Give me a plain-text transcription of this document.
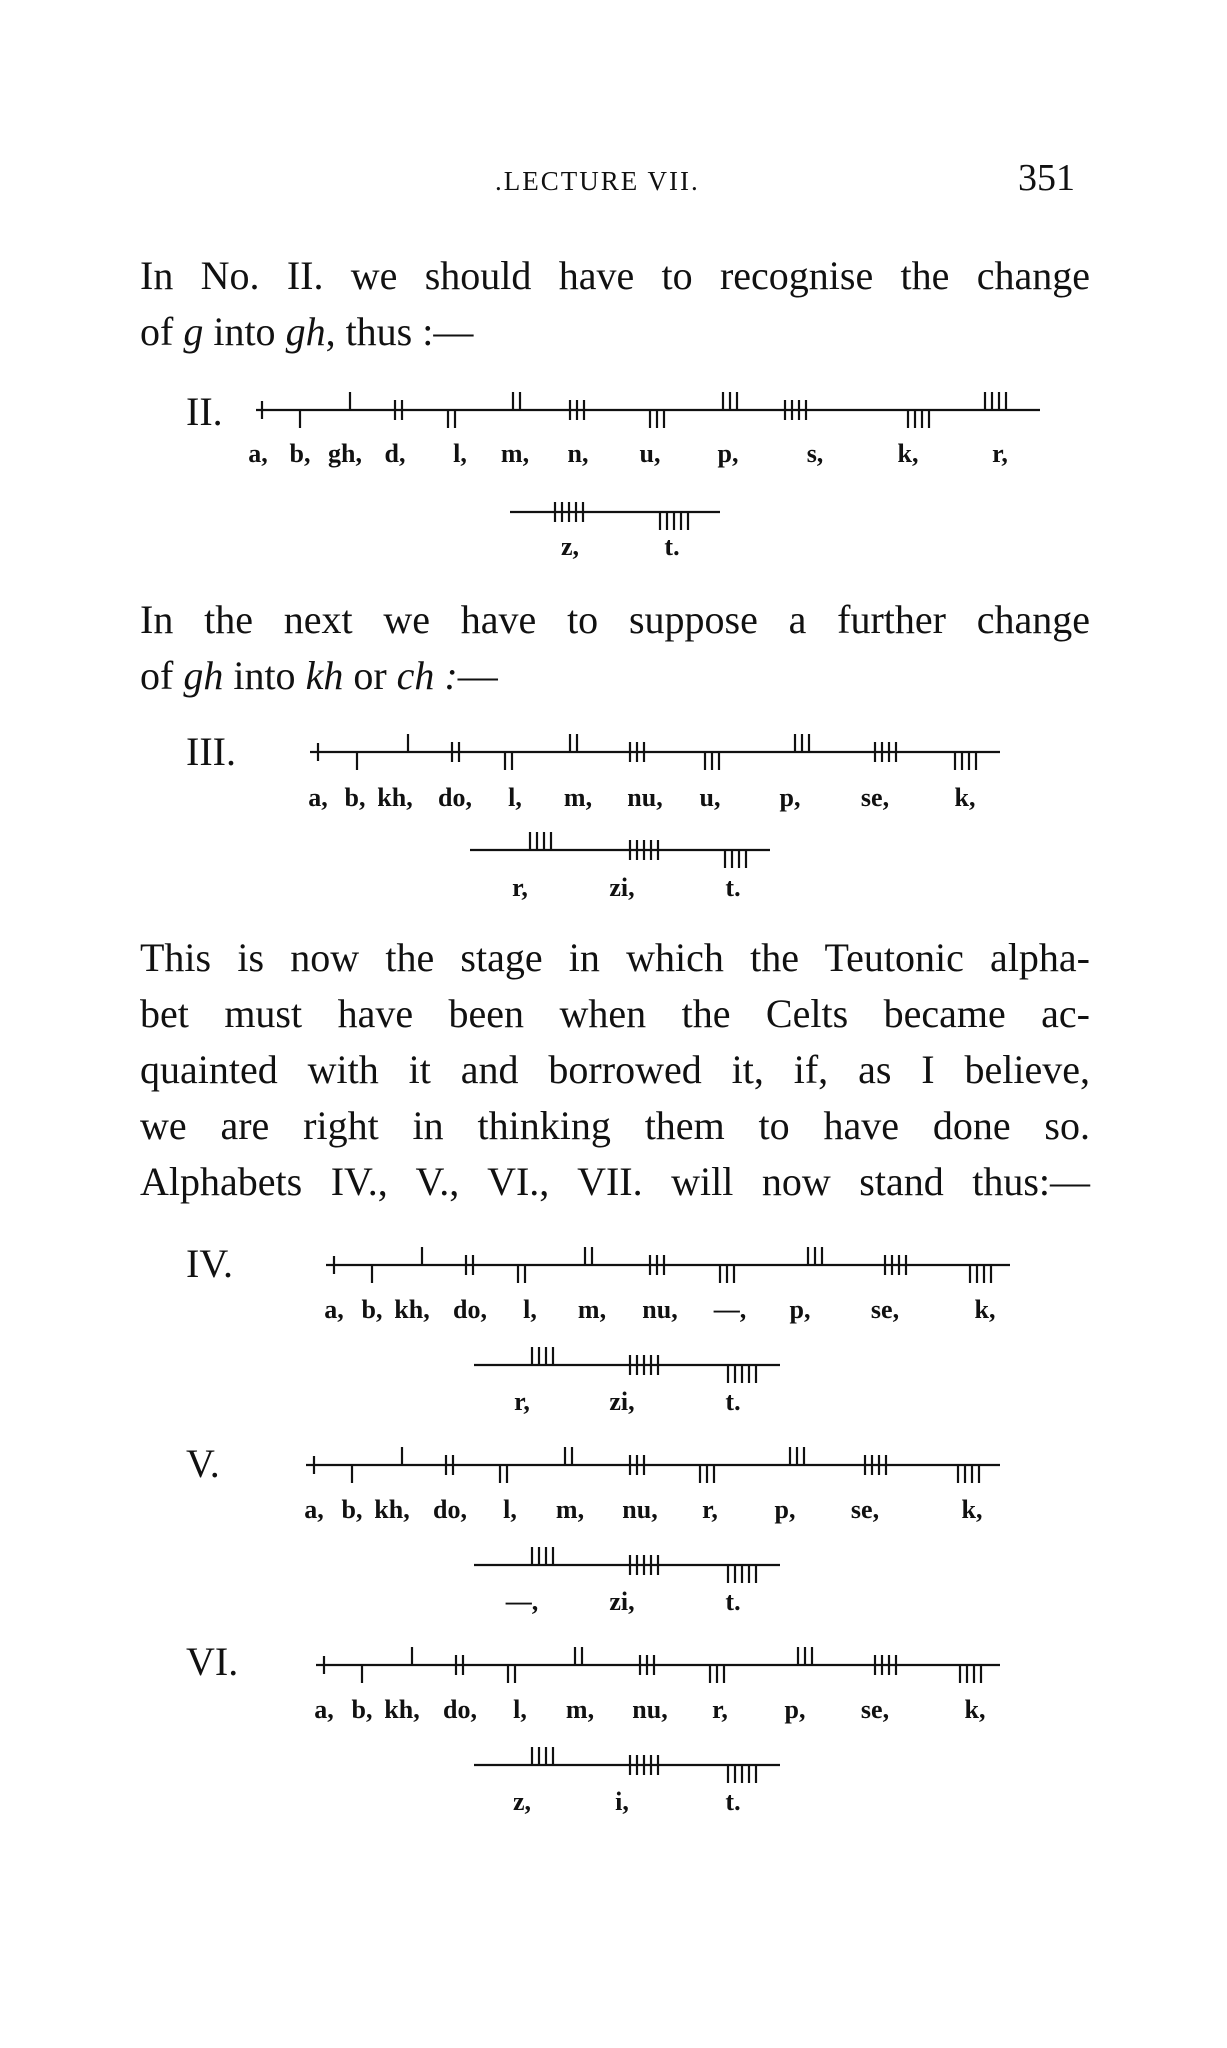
.LECTURE VII.	351
In No. II. we should have to recognise the change
of g into gh, thus :—
In the next we have to suppose a further change
of gh into kh or ch :—
This is now the stage in which the Teutonic alpha-
bet must have been when the Celts became ac-
quainted with it and borrowed it, if, as I believe,
we are right in thinking them to have done so.
Alphabets IV., V., VI., VII. will now stand thus:—
II.
a, b, gh, d, l, m, n, u, p,	s,	k,	r,
z,	t.
III.
a, b, kh, do, l, m, nu, u, p, se,	k,
r,	zi,	t.
IV.
a, b, kh, do, l, m, nu, —, p, se,	k,
r,	zi,	t.
V.
a, b, kh, do, l, m, nu, r, p, se,	k,
—,	zi,	t.
VI.
a, b, kh, do, l, m, nu, r, p, se,	k,
z,	i,	t.
